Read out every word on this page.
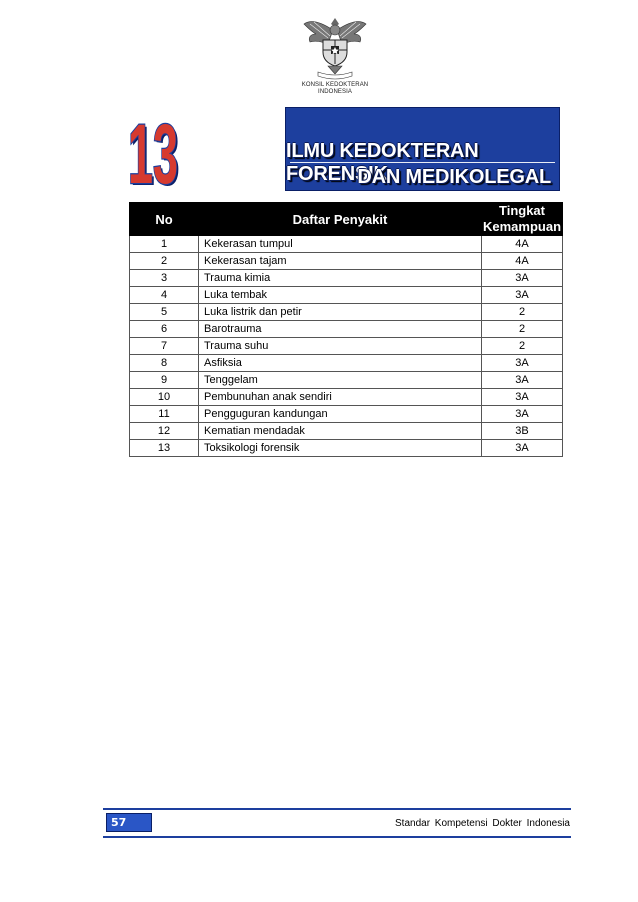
KONSIL KEDOKTERAN
INDONESIA
13
13	ILMU KEDOKTERAN FORENSIK
DAN MEDIKOLEGAL
No	Daftar Penyakit	Tingkat
Kemampuan

1	Kekerasan tumpul	4A
2	Kekerasan tajam	4A
3	Trauma kimia	3A
4	Luka tembak	3A
5	Luka listrik dan petir	2
6	Barotrauma	2
7	Trauma suhu	2
8	Asfiksia	3A
9	Tenggelam	3A
10	Pembunuhan anak sendiri	3A
11	Pengguguran kandungan	3A
12	Kematian mendadak	3B
13	Toksikologi forensik	3A
57	Standar Kompetensi Dokter Indonesia
